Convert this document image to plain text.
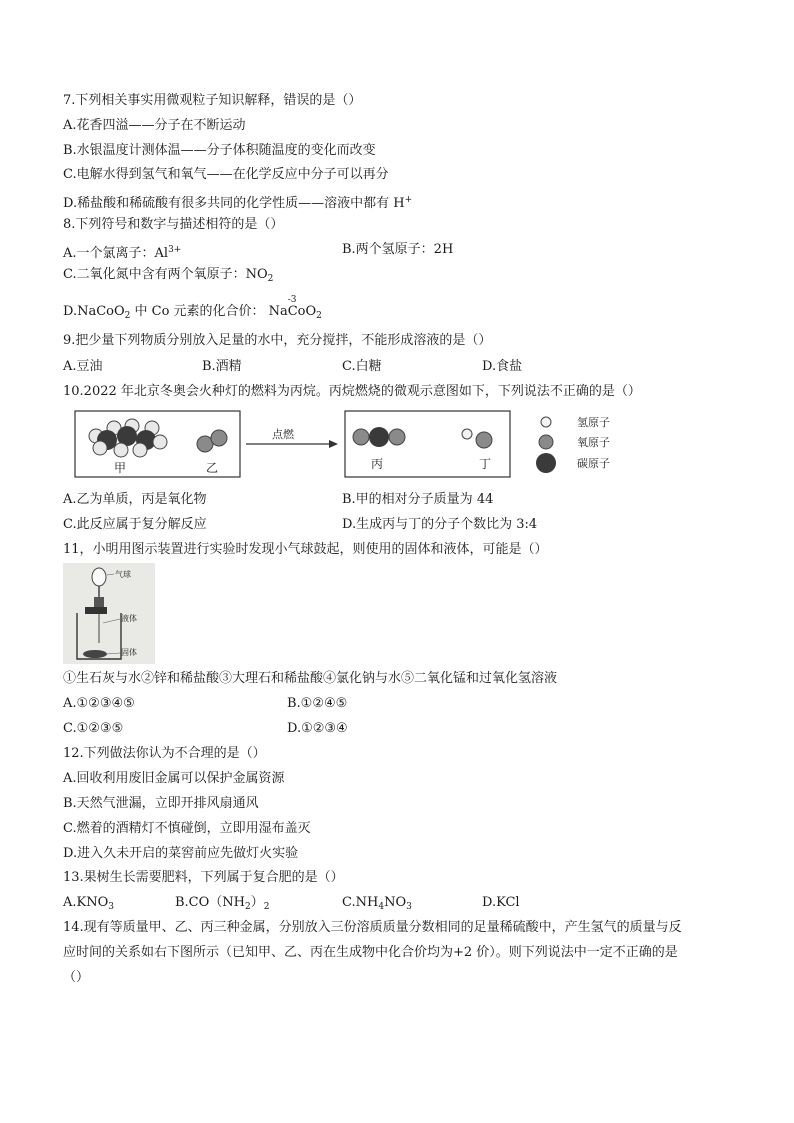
7.下列相关事实用微观粒子知识解释，错误的是（）
A.花香四溢——分子在不断运动
B.水银温度计测体温——分子体积随温度的变化而改变
C.电解水得到氢气和氧气——在化学反应中分子可以再分
D.稀盐酸和稀硫酸有很多共同的化学性质——溶液中都有 H+
8.下列符号和数字与描述相符的是（）
A.一个氯离子：$Al^{3+}$	B.两个氢原子：2H
C.二氧化氮中含有两个氧原子：$NO_2$
D.NaCoO$_2$ 中 Co 元素的化合价： Na
-3
CoO$_2$
9.把少量下列物质分别放入足量的水中，充分搅拌，不能形成溶液的是（）
A.豆油	B.酒精	C.白糖	D.食盐
10.2022 年北京冬奥会火种灯的燃料为丙烷。丙烷燃烧的微观示意图如下，下列说法不正确的是（）
甲	乙
点燃
丙	丁
氢原子
氧原子
碳原子
A.乙为单质，丙是氧化物	B.甲的相对分子质量为 44
C.此反应属于复分解反应	D.生成丙与丁的分子个数比为 3:4
11，小明用图示装置进行实验时发现小气球鼓起，则使用的固体和液体，可能是（）
气球
液体
固体
①生石灰与水②锌和稀盐酸③大理石和稀盐酸④氯化钠与水⑤二氧化锰和过氧化氢溶液
A.①②③④⑤	B.①②④⑤
C.①②③⑤	D.①②③④
12.下列做法你认为不合理的是（）
A.回收利用废旧金属可以保护金属资源
B.天然气泄漏，立即开排风扇通风
C.燃着的酒精灯不慎碰倒，立即用湿布盖灭
D.进入久未开启的菜窖前应先做灯火实验
13.果树生长需要肥料，下列属于复合肥的是（）
$A.KNO_3$	$B.CO(NH_2)_2$	$C.NH_4NO_3$	D.KCl
14.现有等质量甲、乙、丙三种金属，分别放入三份溶质质量分数相同的足量稀硫酸中，产生氢气的质量与反
应时间的关系如右下图所示（已知甲、乙、丙在生成物中化合价均为+2 价）。则下列说法中一定不正确的是
（）
